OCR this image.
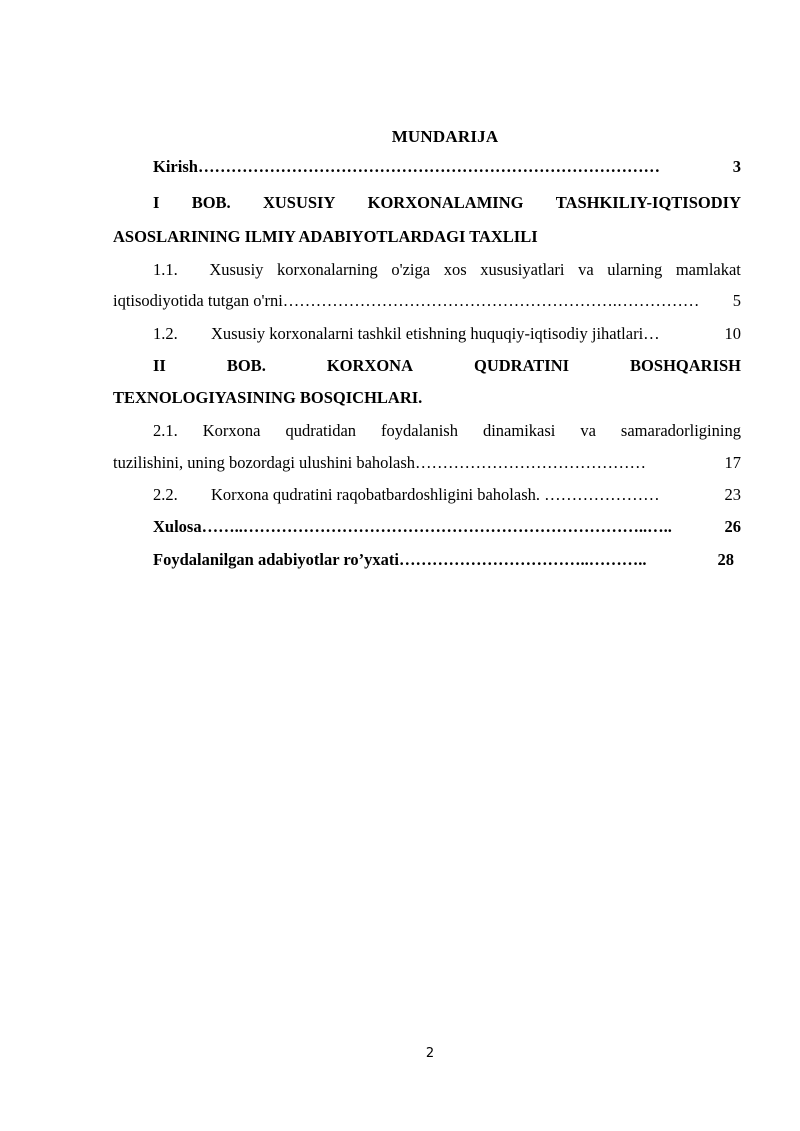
MUNDARIJA
Kirish …………………………………………………………………………	3
I BOB. XUSUSIY KORXONALAMING TASHKILIY-IQTISODIY
ASOSLARINING ILMIY ADABIYOTLARDAGI TAXLILI
1.1. Xususiy korxonalarning o'ziga xos xususiyatlari va ularning mamlakat
iqtisodiyotida tutgan o'rni …………………………………………………….……………	5
1.2.	Xususiy korxonalarni tashkil etishning huquqiy-iqtisodiy jihatlari …	10
II	BOB.	KORXONA	QUDRATINI	BOSHQARISH
TEXNOLOGIYASINING BOSQICHLARI.
2.1. Korxona qudratidan foydalanish dinamikasi va samaradorligining
tuzilishini, uning bozordagi ulushini baholash ……………………………………	17
2.2.	Korxona qudratini raqobatbardoshligini baholash. …………………	23
Xulosa ……..………………………………………………………………..…..	26
Foydalanilgan adabiyotlar ro’yxati ……………………………..………..	28
2
